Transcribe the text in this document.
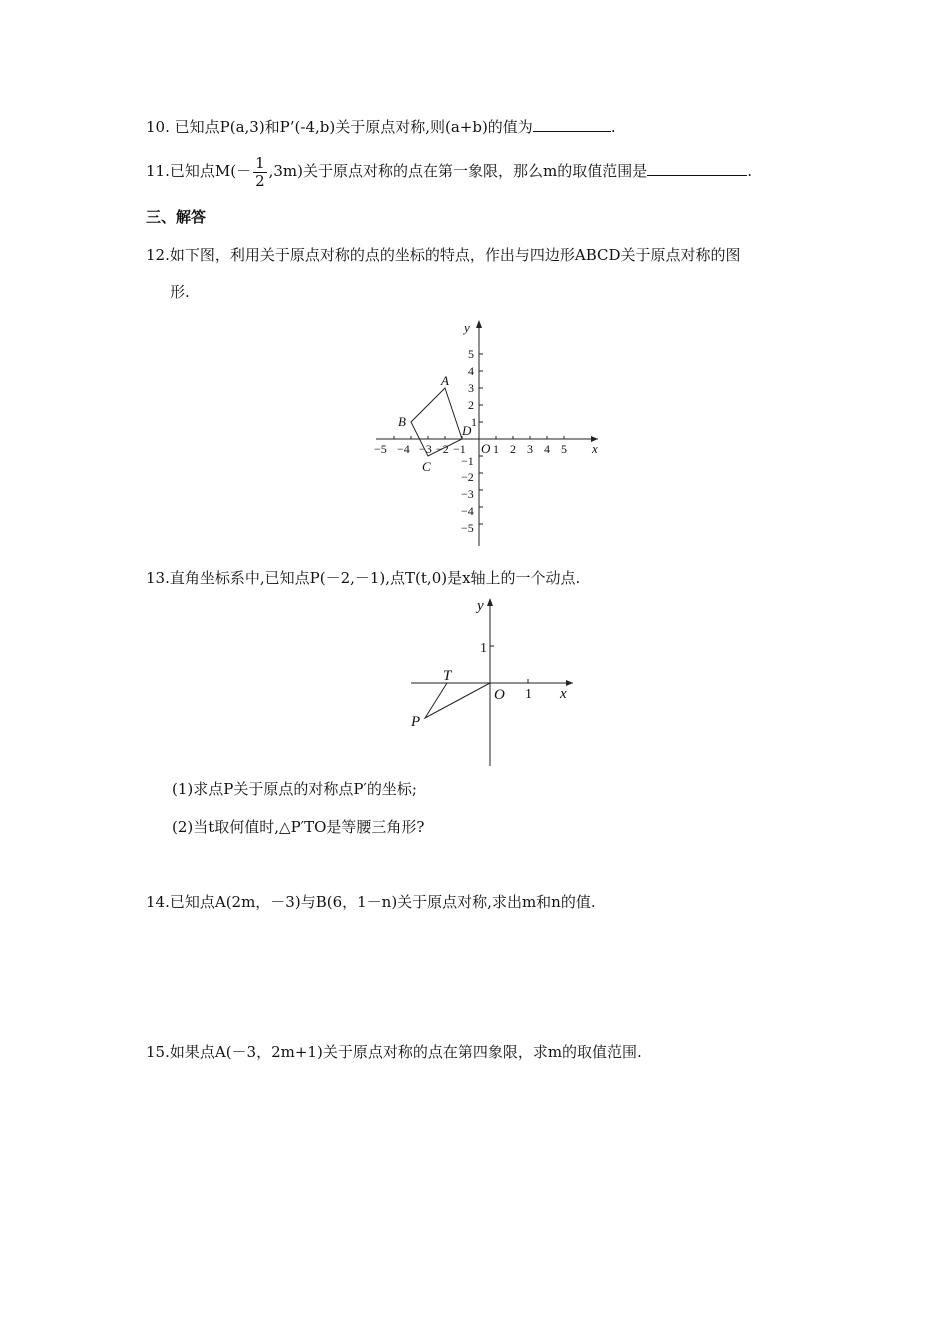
10. 已知点P(a,3)和P’(-4,b)关于原点对称,则(a+b)的值为	.
11.已知点$M(- \frac{1}{2} ,3m)$关于原点对称的点在第一象限，那么m的取值范围是	.
三、解答
12.如下图，利用关于原点对称的点的坐标的特点，作出与四边形ABCD关于原点对称的图
形.
−5 −4 −3 −2 −1 1 2 3 4 5
5
4
3
2
1
−1
−2
−3
−4
−5
y
x
O
A
B
C
D
13.直角坐标系中,已知点P(－2,－1),点T(t,0)是x轴上的一个动点.
1
1
y
x
O
T
P
(1)求点P关于原点的对称点P′的坐标;
(2)当t取何值时,△P′TO是等腰三角形?
14.已知点A(2m，－3)与B(6，1－n)关于原点对称,求出m和n的值.
15.如果点A(－3，2m+1)关于原点对称的点在第四象限，求m的取值范围.
